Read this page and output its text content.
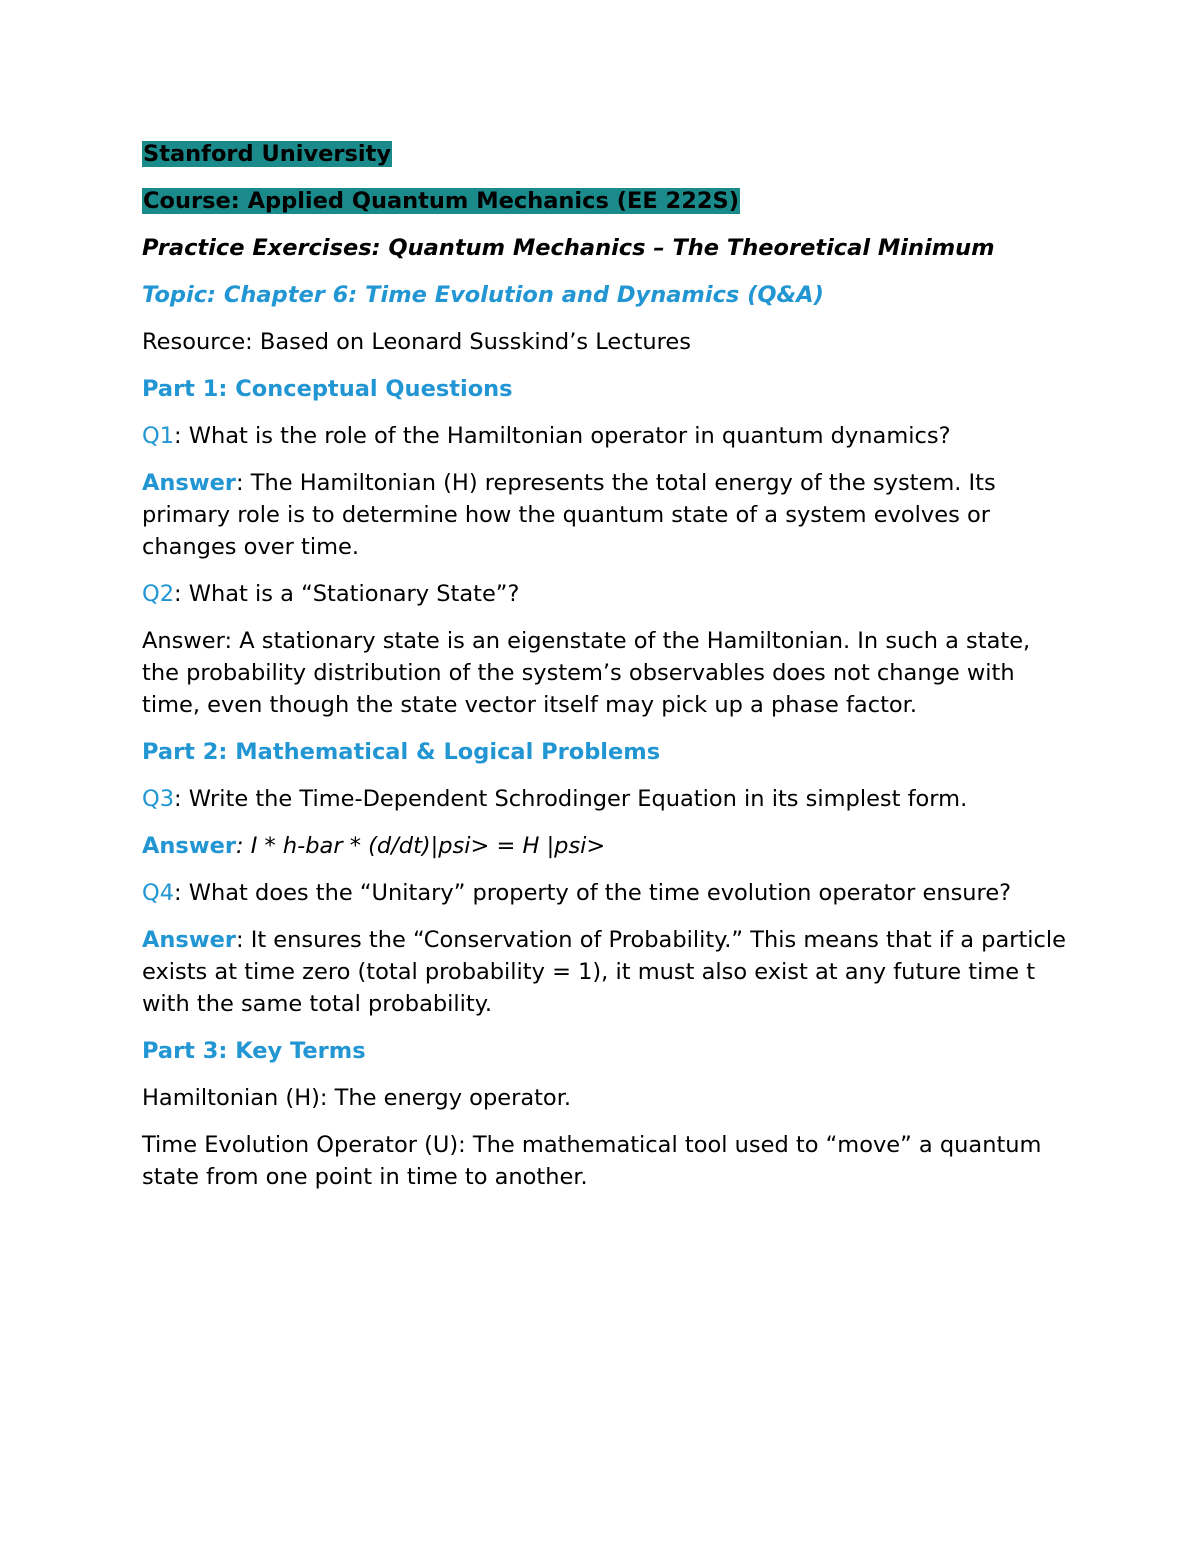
Stanford University

Course: Applied Quantum Mechanics (EE 222S)

Practice Exercises: Quantum Mechanics – The Theoretical Minimum

Topic: Chapter 6: Time Evolution and Dynamics (Q&A)

Resource: Based on Leonard Susskind’s Lectures

Part 1: Conceptual Questions

Q1: What is the role of the Hamiltonian operator in quantum dynamics?

Answer: The Hamiltonian (H) represents the total energy of the system. Its primary role is to determine how the quantum state of a system evolves or changes over time.

Q2: What is a “Stationary State”?

Answer: A stationary state is an eigenstate of the Hamiltonian. In such a state, the probability distribution of the system’s observables does not change with time, even though the state vector itself may pick up a phase factor.

Part 2: Mathematical & Logical Problems

Q3: Write the Time-Dependent Schrodinger Equation in its simplest form.

Answer: I * h-bar * (d/dt)|psi> = H |psi>

Q4: What does the “Unitary” property of the time evolution operator ensure?

Answer: It ensures the “Conservation of Probability.” This means that if a particle exists at time zero (total probability = 1), it must also exist at any future time t with the same total probability.

Part 3: Key Terms

Hamiltonian (H): The energy operator.

Time Evolution Operator (U): The mathematical tool used to “move” a quantum state from one point in time to another.
